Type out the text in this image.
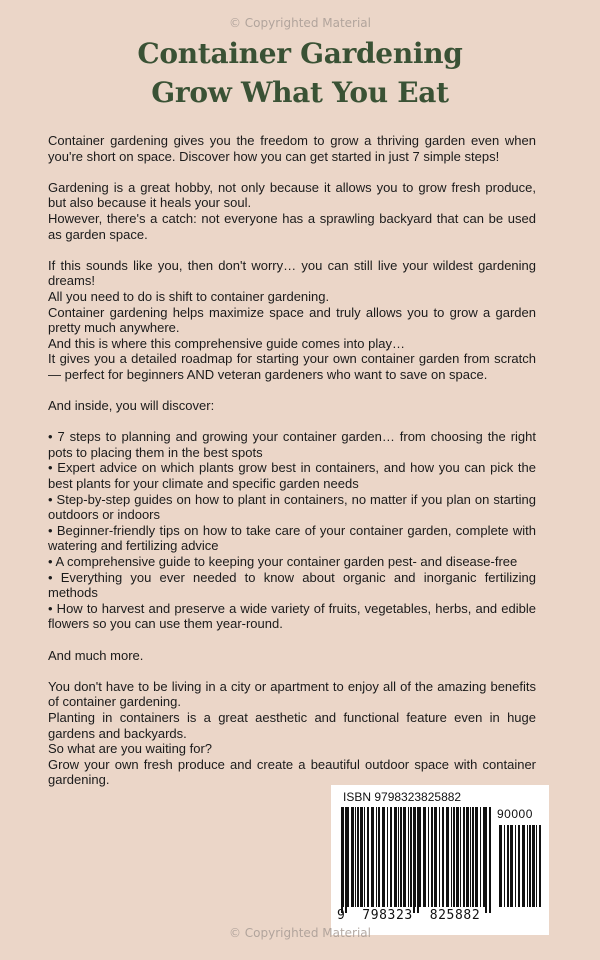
© Copyrighted Material
Container Gardening
Grow What You Eat

Container gardening gives you the freedom to grow a thriving garden even when you're short on space. Discover how you can get started in just 7 simple steps!

Gardening is a great hobby, not only because it allows you to grow fresh produce, but also because it heals your soul.

However, there's a catch: not everyone has a sprawling backyard that can be used as garden space.

If this sounds like you, then don't worry… you can still live your wildest gardening dreams!

All you need to do is shift to container gardening.

Container gardening helps maximize space and truly allows you to grow a garden pretty much anywhere.

And this is where this comprehensive guide comes into play…

It gives you a detailed roadmap for starting your own container garden from scratch — perfect for beginners AND veteran gardeners who want to save on space.

And inside, you will discover:

• 7 steps to planning and growing your container garden… from choosing the right pots to placing them in the best spots

• Expert advice on which plants grow best in containers, and how you can pick the best plants for your climate and specific garden needs

• Step-by-step guides on how to plant in containers, no matter if you plan on starting outdoors or indoors

• Beginner-friendly tips on how to take care of your container garden, complete with watering and fertilizing advice

• A comprehensive guide to keeping your container garden pest- and disease-free

• Everything you ever needed to know about organic and inorganic fertilizing methods

• How to harvest and preserve a wide variety of fruits, vegetables, herbs, and edible flowers so you can use them year-round.

And much more.

You don't have to be living in a city or apartment to enjoy all of the amazing benefits of container gardening.

Planting in containers is a great aesthetic and functional feature even in huge gardens and backyards.

So what are you waiting for?

Grow your own fresh produce and create a beautiful outdoor space with container gardening.

ISBN 9798323825882
90000
9  798323  825882
© Copyrighted Material
